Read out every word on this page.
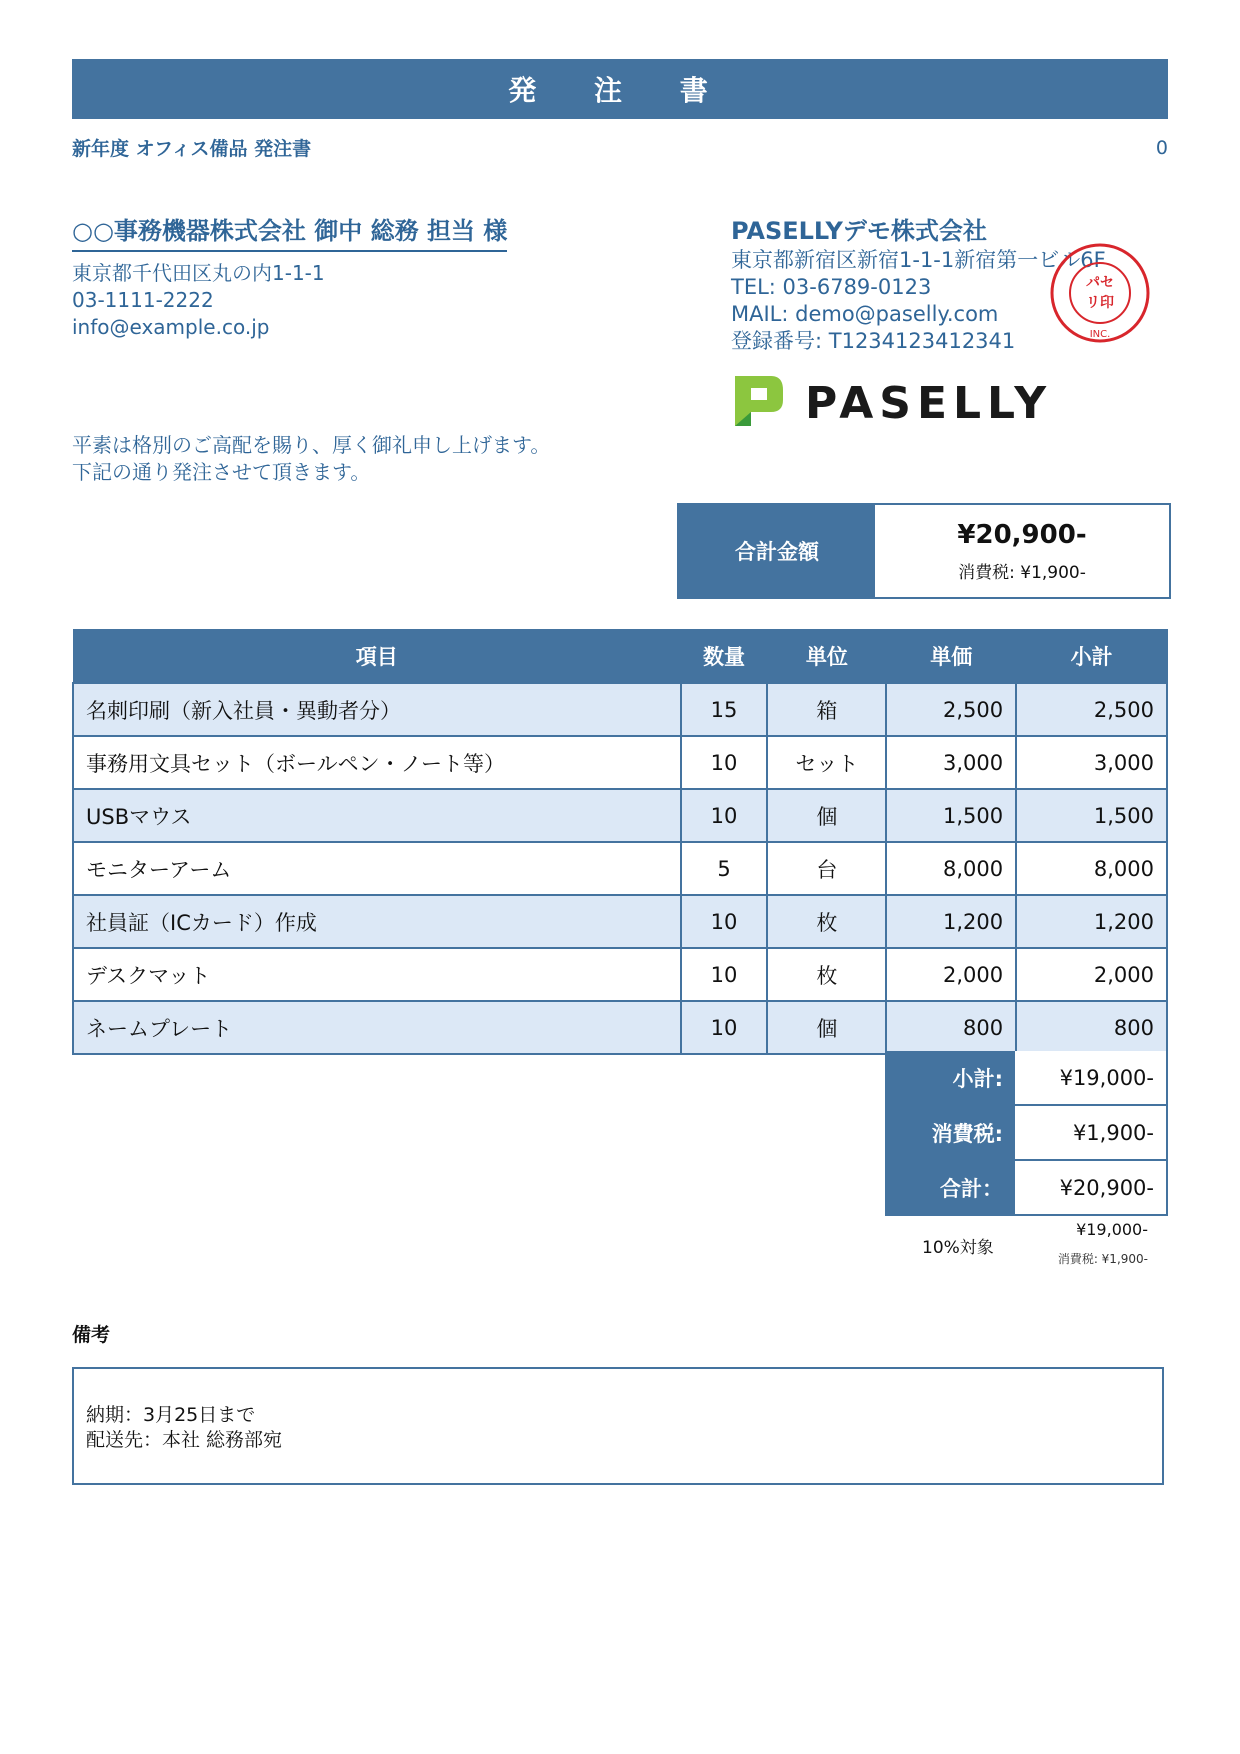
発 注 書
新年度 オフィス備品 発注書	0
○○事務機器株式会社 御中 総務 担当 様
東京都千代田区丸の内1-1-1
03-1111-2222
info@example.co.jp
PASELLYデモ株式会社
東京都新宿区新宿1-1-1新宿第一ビル6F
TEL: 03-6789-0123
MAIL: demo@paselly.com
登録番号: T1234123412341
パセ
リ印
INC.
PASELLY
平素は格別のご高配を賜り、厚く御礼申し上げます。
下記の通り発注させて頂きます。
合計金額
¥20,900-
消費税: ¥1,900-
項目	数量	単位	単価	小計
名刺印刷（新入社員・異動者分）	15	箱	2,500	2,500
事務用文具セット（ボールペン・ノート等）	10	セット	3,000	3,000
USBマウス	10	個	1,500	1,500
モニターアーム	5	台	8,000	8,000
社員証（ICカード）作成	10	枚	1,200	1,200
デスクマット	10	枚	2,000	2,000
ネームプレート	10	個	800	800
小計:	¥19,000-
消費税:	¥1,900-
合計：	¥20,900-
10%対象
¥19,000-
消費税: ¥1,900-
備考
納期：3月25日まで
配送先：本社 総務部宛
